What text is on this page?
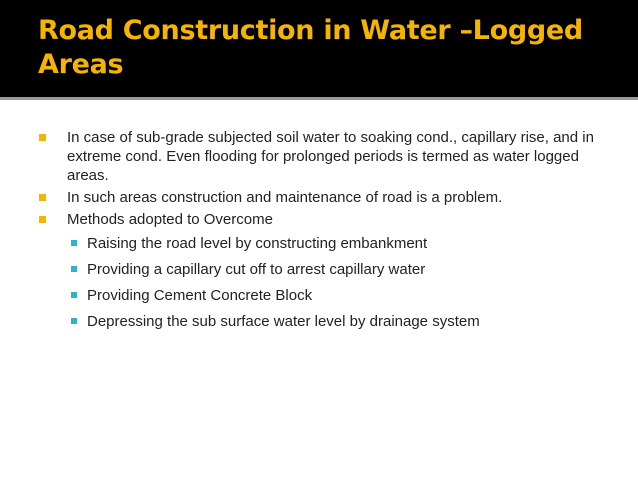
Road Construction in Water –Logged Areas
In case of sub-grade subjected soil water to soaking cond., capillary rise, and in extreme cond. Even flooding for prolonged periods is termed as water logged areas.
In such areas construction and maintenance of road is a problem.
Methods adopted to Overcome
Raising the road level by constructing embankment
Providing a capillary cut off to arrest capillary water
Providing Cement Concrete Block
Depressing the sub surface water level by drainage system
